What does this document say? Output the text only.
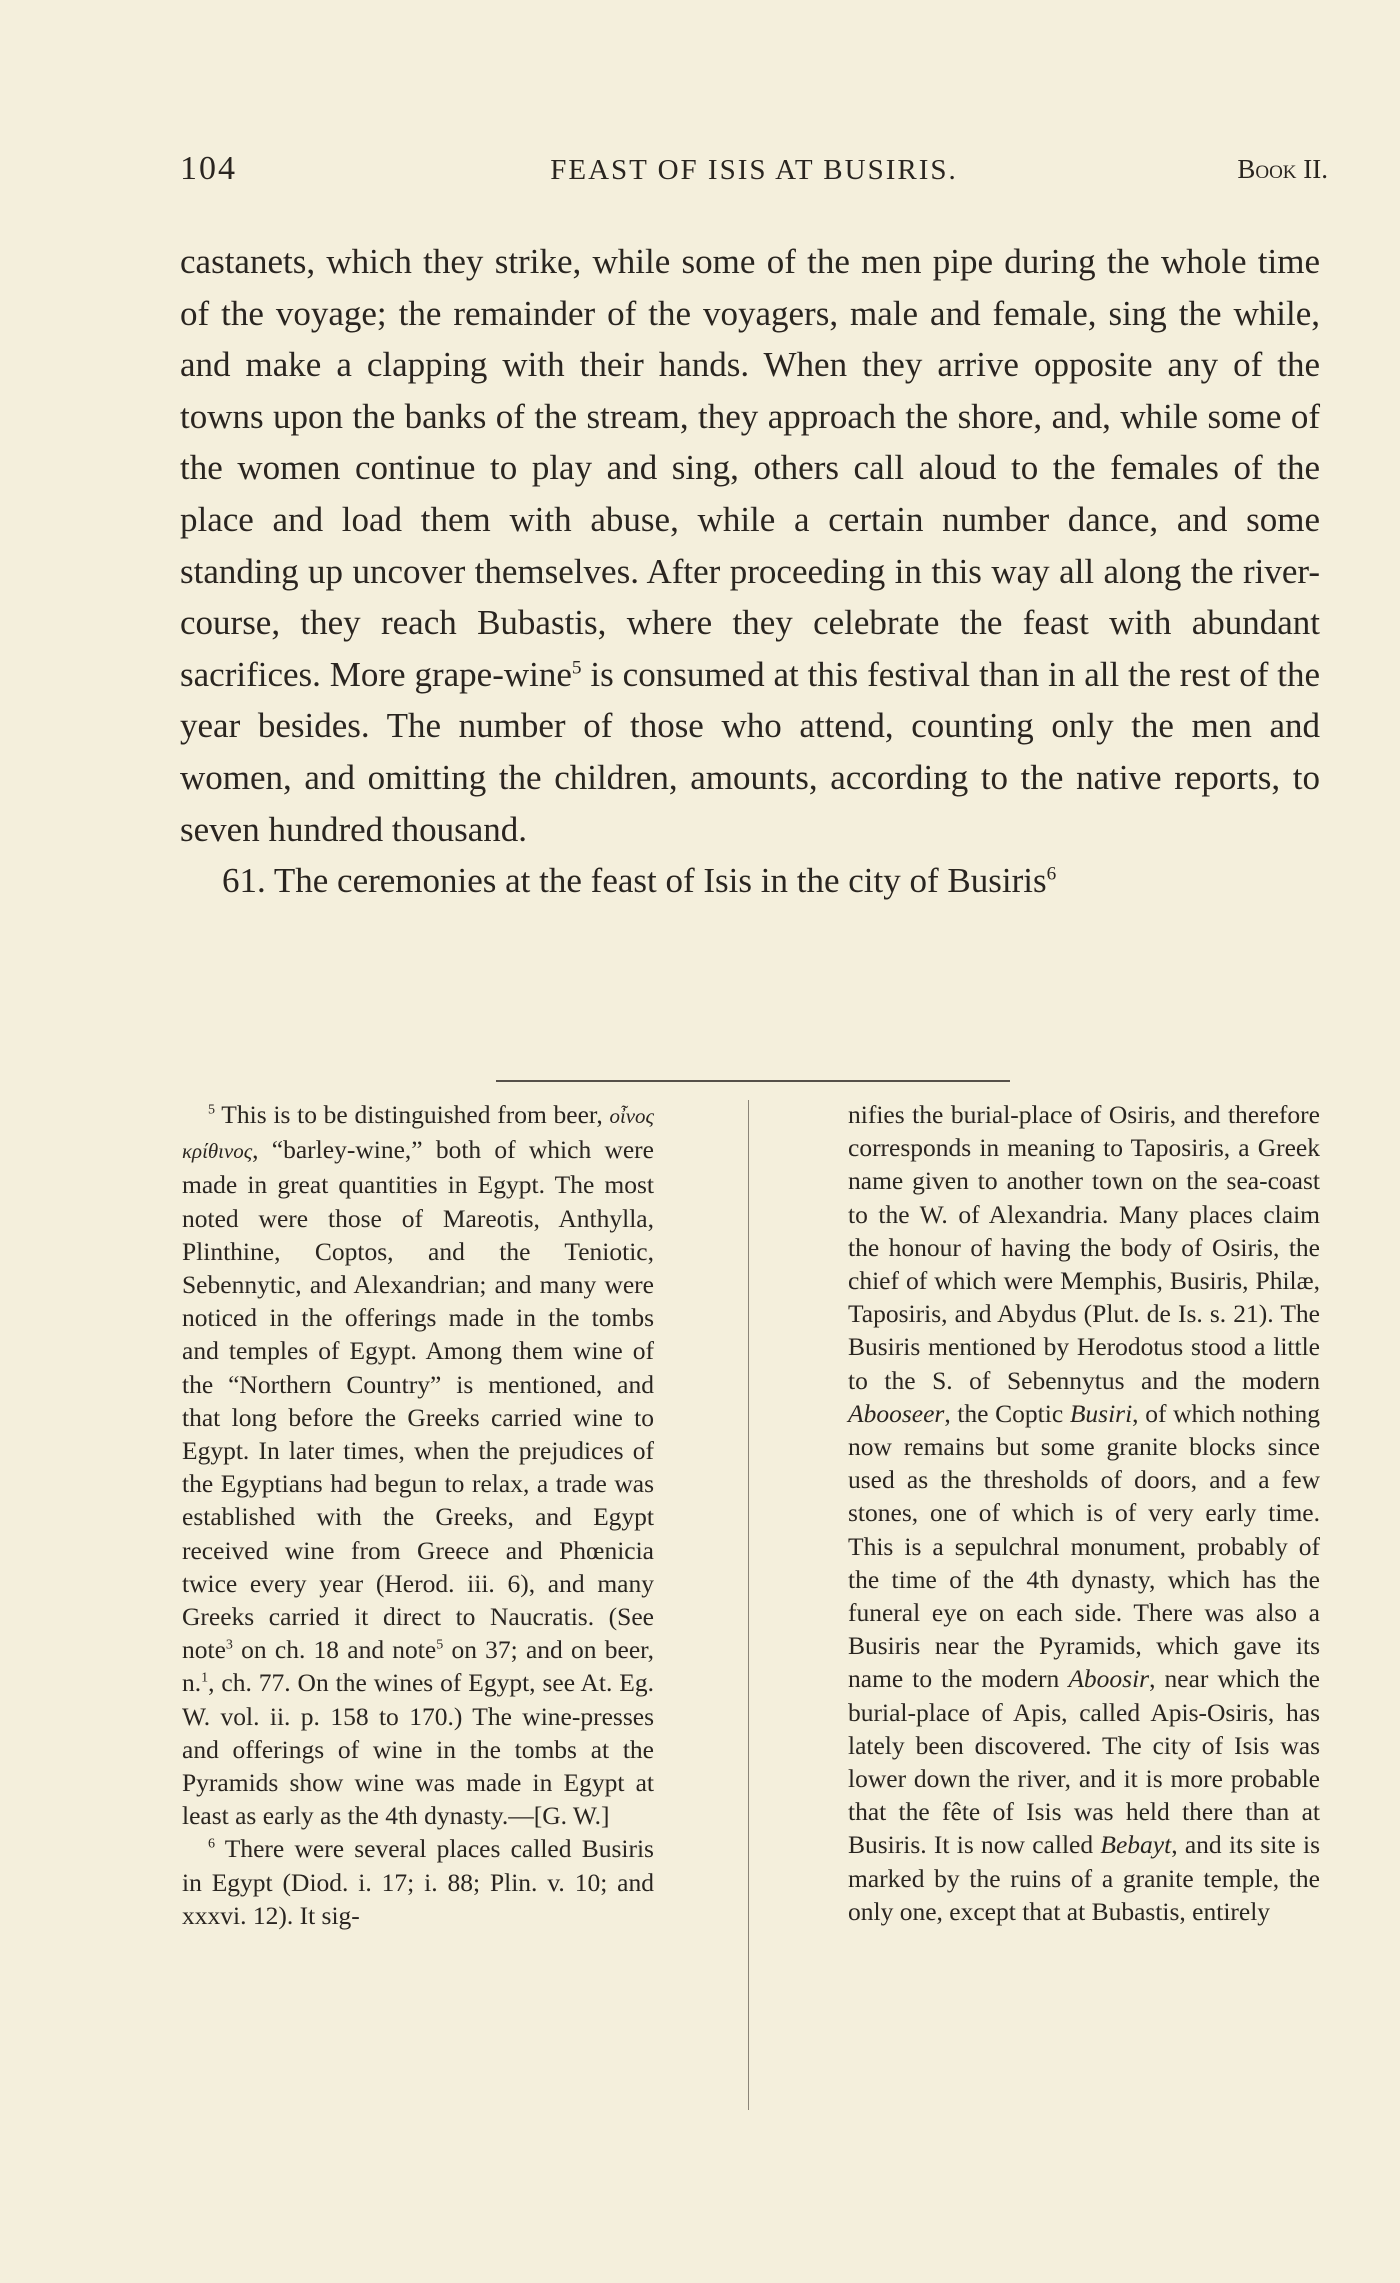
104	FEAST OF ISIS AT BUSIRIS.	Book II.

castanets, which they strike, while some of the men pipe during the whole time of the voyage; the remainder of the voyagers, male and female, sing the while, and make a clapping with their hands. When they arrive opposite any of the towns upon the banks of the stream, they approach the shore, and, while some of the women continue to play and sing, others call aloud to the females of the place and load them with abuse, while a certain number dance, and some standing up uncover themselves. After proceeding in this way all along the river-course, they reach Bubastis, where they celebrate the feast with abundant sacrifices. More grape-wine$^5$ is consumed at this festival than in all the rest of the year besides. The number of those who attend, counting only the men and women, and omitting the children, amounts, according to the native reports, to seven hundred thousand.

61. The ceremonies at the feast of Isis in the city of Busiris$^6$

$^5$ This is to be distinguished from beer, οἶνος κρίθινος, “barley-wine,” both of which were made in great quantities in Egypt. The most noted were those of Mareotis, Anthylla, Plinthine, Coptos, and the Teniotic, Sebennytic, and Alexandrian; and many were noticed in the offerings made in the tombs and temples of Egypt. Among them wine of the “Northern Country” is mentioned, and that long before the Greeks carried wine to Egypt. In later times, when the prejudices of the Egyptians had begun to relax, a trade was established with the Greeks, and Egypt received wine from Greece and Phœnicia twice every year (Herod. iii. 6), and many Greeks carried it direct to Naucratis. (See note$^3$ on ch. 18 and note$^5$ on 37; and on beer, n.$^1$, ch. 77. On the wines of Egypt, see At. Eg. W. vol. ii. p. 158 to 170.) The wine-presses and offerings of wine in the tombs at the Pyramids show wine was made in Egypt at least as early as the 4th dynasty.—[G. W.]

$^6$ There were several places called Busiris in Egypt (Diod. i. 17; i. 88; Plin. v. 10; and xxxvi. 12). It sig-

nifies the burial-place of Osiris, and therefore corresponds in meaning to Taposiris, a Greek name given to another town on the sea-coast to the W. of Alexandria. Many places claim the honour of having the body of Osiris, the chief of which were Memphis, Busiris, Philæ, Taposiris, and Abydus (Plut. de Is. s. 21). The Busiris mentioned by Herodotus stood a little to the S. of Sebennytus and the modern Abooseer, the Coptic Busiri, of which nothing now remains but some granite blocks since used as the thresholds of doors, and a few stones, one of which is of very early time. This is a sepulchral monument, probably of the time of the 4th dynasty, which has the funeral eye on each side. There was also a Busiris near the Pyramids, which gave its name to the modern Aboosir, near which the burial-place of Apis, called Apis-Osiris, has lately been discovered. The city of Isis was lower down the river, and it is more probable that the fête of Isis was held there than at Busiris. It is now called Bebayt, and its site is marked by the ruins of a granite temple, the only one, except that at Bubastis, entirely
